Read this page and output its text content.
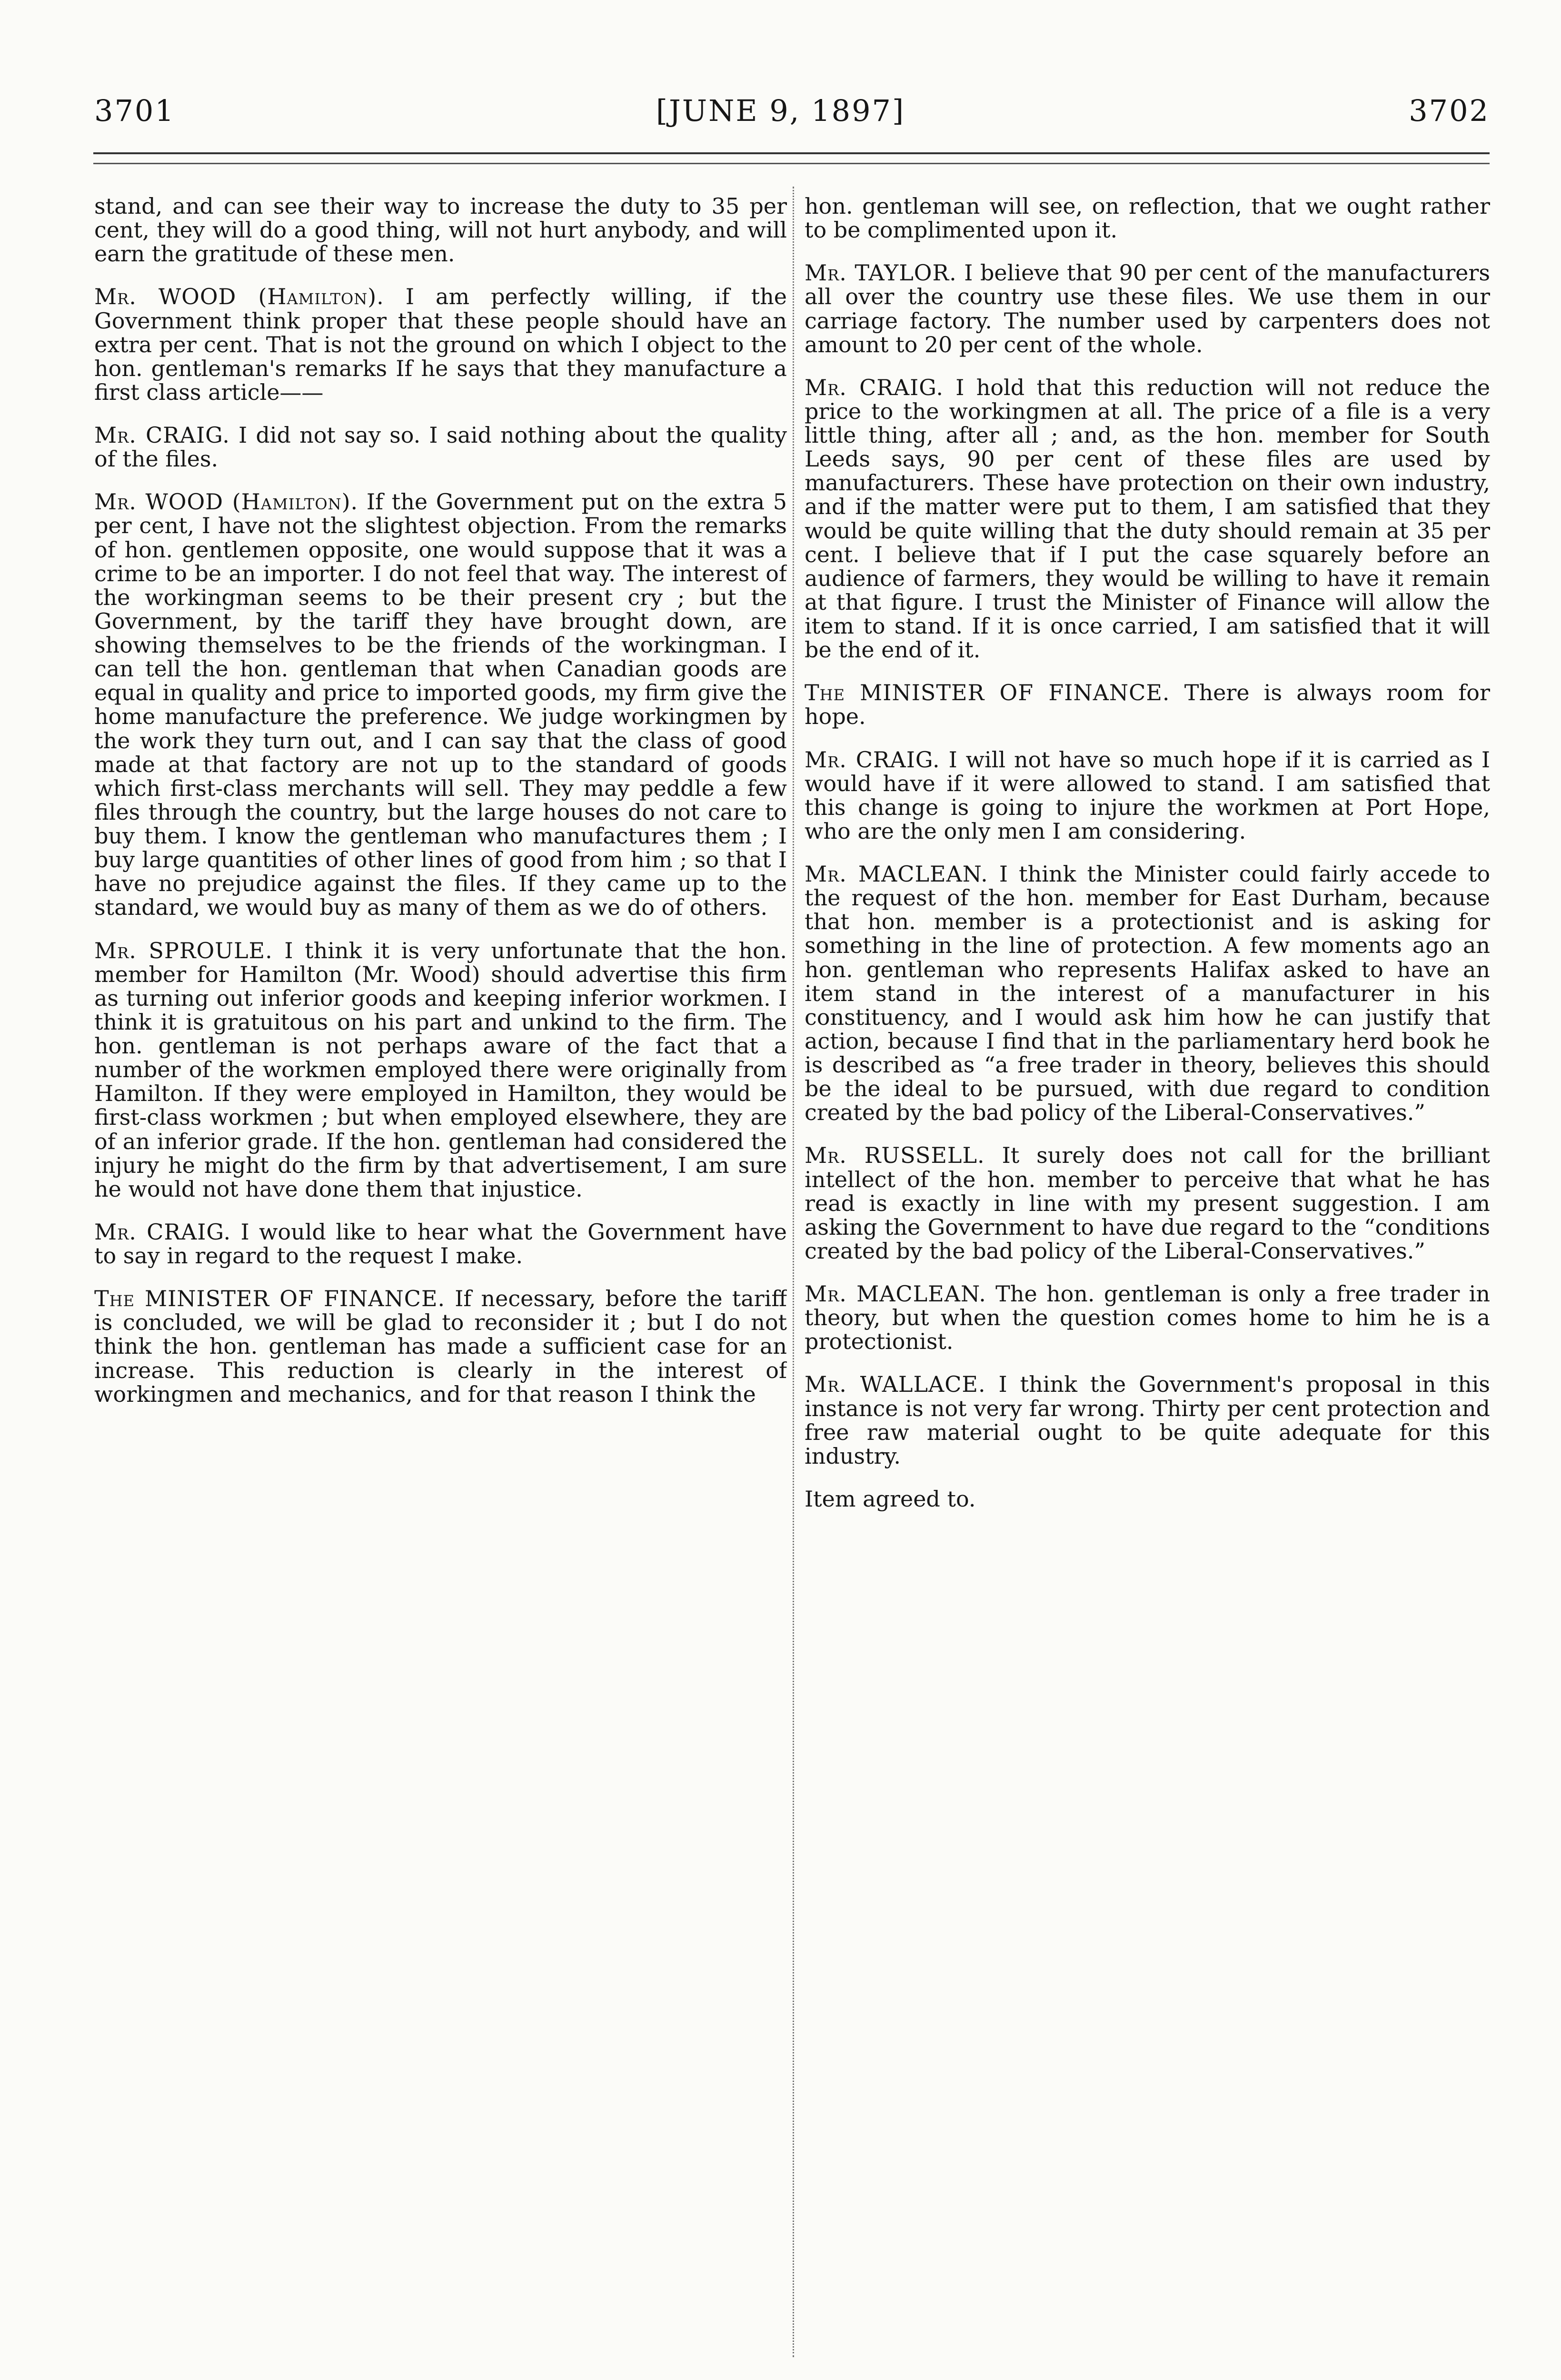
3701	[JUNE 9, 1897]	3702

stand, and can see their way to increase the duty to 35 per cent, they will do a good thing, will not hurt anybody, and will earn the gratitude of these men.

Mr. WOOD (Hamilton). I am perfectly willing, if the Government think proper that these people should have an extra per cent. That is not the ground on which I object to the hon. gentleman's remarks If he says that they manufacture a first class article——

Mr. CRAIG. I did not say so. I said nothing about the quality of the files.

Mr. WOOD (Hamilton). If the Government put on the extra 5 per cent, I have not the slightest objection. From the remarks of hon. gentlemen opposite, one would suppose that it was a crime to be an importer. I do not feel that way. The interest of the workingman seems to be their present cry ; but the Government, by the tariff they have brought down, are showing themselves to be the friends of the workingman. I can tell the hon. gentleman that when Canadian goods are equal in quality and price to imported goods, my firm give the home manufacture the preference. We judge workingmen by the work they turn out, and I can say that the class of good made at that factory are not up to the standard of goods which first-class merchants will sell. They may peddle a few files through the country, but the large houses do not care to buy them. I know the gentleman who manufactures them ; I buy large quantities of other lines of good from him ; so that I have no prejudice against the files. If they came up to the standard, we would buy as many of them as we do of others.

Mr. SPROULE. I think it is very unfortunate that the hon. member for Hamilton (Mr. Wood) should advertise this firm as turning out inferior goods and keeping inferior workmen. I think it is gratuitous on his part and unkind to the firm. The hon. gentleman is not perhaps aware of the fact that a number of the workmen employed there were originally from Hamilton. If they were employed in Hamilton, they would be first-class workmen ; but when employed elsewhere, they are of an inferior grade. If the hon. gentleman had considered the injury he might do the firm by that advertisement, I am sure he would not have done them that injustice.

Mr. CRAIG. I would like to hear what the Government have to say in regard to the request I make.

The MINISTER OF FINANCE. If necessary, before the tariff is concluded, we will be glad to reconsider it ; but I do not think the hon. gentleman has made a sufficient case for an increase. This reduction is clearly in the interest of workingmen and mechanics, and for that reason I think the

hon. gentleman will see, on reflection, that we ought rather to be complimented upon it.

Mr. TAYLOR. I believe that 90 per cent of the manufacturers all over the country use these files. We use them in our carriage factory. The number used by carpenters does not amount to 20 per cent of the whole.

Mr. CRAIG. I hold that this reduction will not reduce the price to the workingmen at all. The price of a file is a very little thing, after all ; and, as the hon. member for South Leeds says, 90 per cent of these files are used by manufacturers. These have protection on their own industry, and if the matter were put to them, I am satisfied that they would be quite willing that the duty should remain at 35 per cent. I believe that if I put the case squarely before an audience of farmers, they would be willing to have it remain at that figure. I trust the Minister of Finance will allow the item to stand. If it is once carried, I am satisfied that it will be the end of it.

The MINISTER OF FINANCE. There is always room for hope.

Mr. CRAIG. I will not have so much hope if it is carried as I would have if it were allowed to stand. I am satisfied that this change is going to injure the workmen at Port Hope, who are the only men I am considering.

Mr. MACLEAN. I think the Minister could fairly accede to the request of the hon. member for East Durham, because that hon. member is a protectionist and is asking for something in the line of protection. A few moments ago an hon. gentleman who represents Halifax asked to have an item stand in the interest of a manufacturer in his constituency, and I would ask him how he can justify that action, because I find that in the parliamentary herd book he is described as “a free trader in theory, believes this should be the ideal to be pursued, with due regard to condition created by the bad policy of the Liberal-Conservatives.”

Mr. RUSSELL. It surely does not call for the brilliant intellect of the hon. member to perceive that what he has read is exactly in line with my present suggestion. I am asking the Government to have due regard to the “conditions created by the bad policy of the Liberal-Conservatives.”

Mr. MACLEAN. The hon. gentleman is only a free trader in theory, but when the question comes home to him he is a protectionist.

Mr. WALLACE. I think the Government's proposal in this instance is not very far wrong. Thirty per cent protection and free raw material ought to be quite adequate for this industry.

Item agreed to.
